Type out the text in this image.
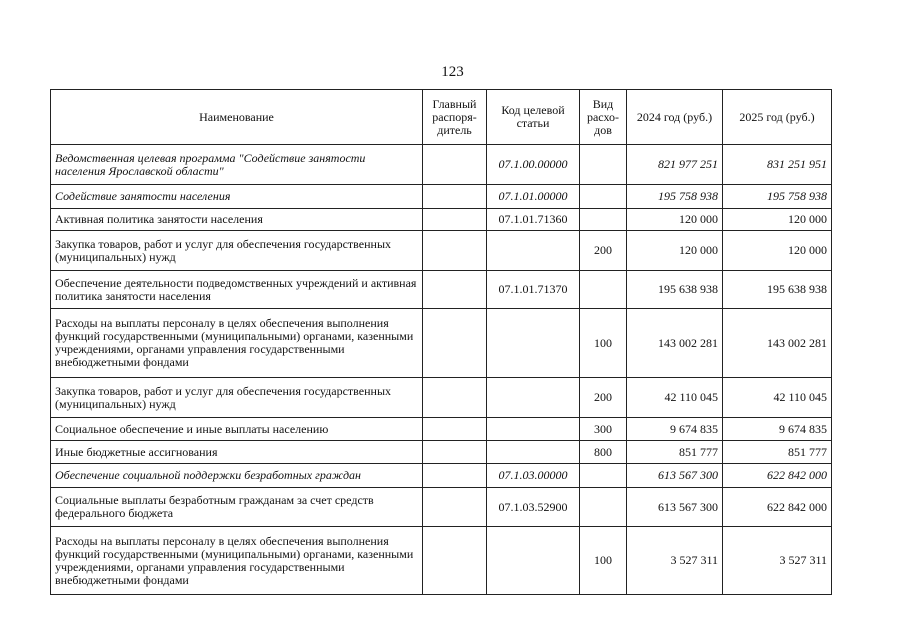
123
Наименование	Главный распоря-дитель	Код целевой статьи	Вид расхо-дов	2024 год (руб.)	2025 год (руб.)
Ведомственная целевая программа "Содействие занятости населения Ярославской области"		07.1.00.00000		821 977 251	831 251 951
Содействие занятости населения		07.1.01.00000		195 758 938	195 758 938
Активная политика занятости населения		07.1.01.71360		120 000	120 000
Закупка товаров, работ и услуг для обеспечения государственных (муниципальных) нужд			200	120 000	120 000
Обеспечение деятельности подведомственных учреждений и активная политика занятости населения		07.1.01.71370		195 638 938	195 638 938
Расходы на выплаты персоналу в целях обеспечения выполнения функций государственными (муниципальными) органами, казенными учреждениями, органами управления государственными внебюджетными фондами			100	143 002 281	143 002 281
Закупка товаров, работ и услуг для обеспечения государственных (муниципальных) нужд			200	42 110 045	42 110 045
Социальное обеспечение и иные выплаты населению			300	9 674 835	9 674 835
Иные бюджетные ассигнования			800	851 777	851 777
Обеспечение социальной поддержки безработных граждан		07.1.03.00000		613 567 300	622 842 000
Социальные выплаты безработным гражданам за счет средств федерального бюджета		07.1.03.52900		613 567 300	622 842 000
Расходы на выплаты персоналу в целях обеспечения выполнения функций государственными (муниципальными) органами, казенными учреждениями, органами управления государственными внебюджетными фондами			100	3 527 311	3 527 311
